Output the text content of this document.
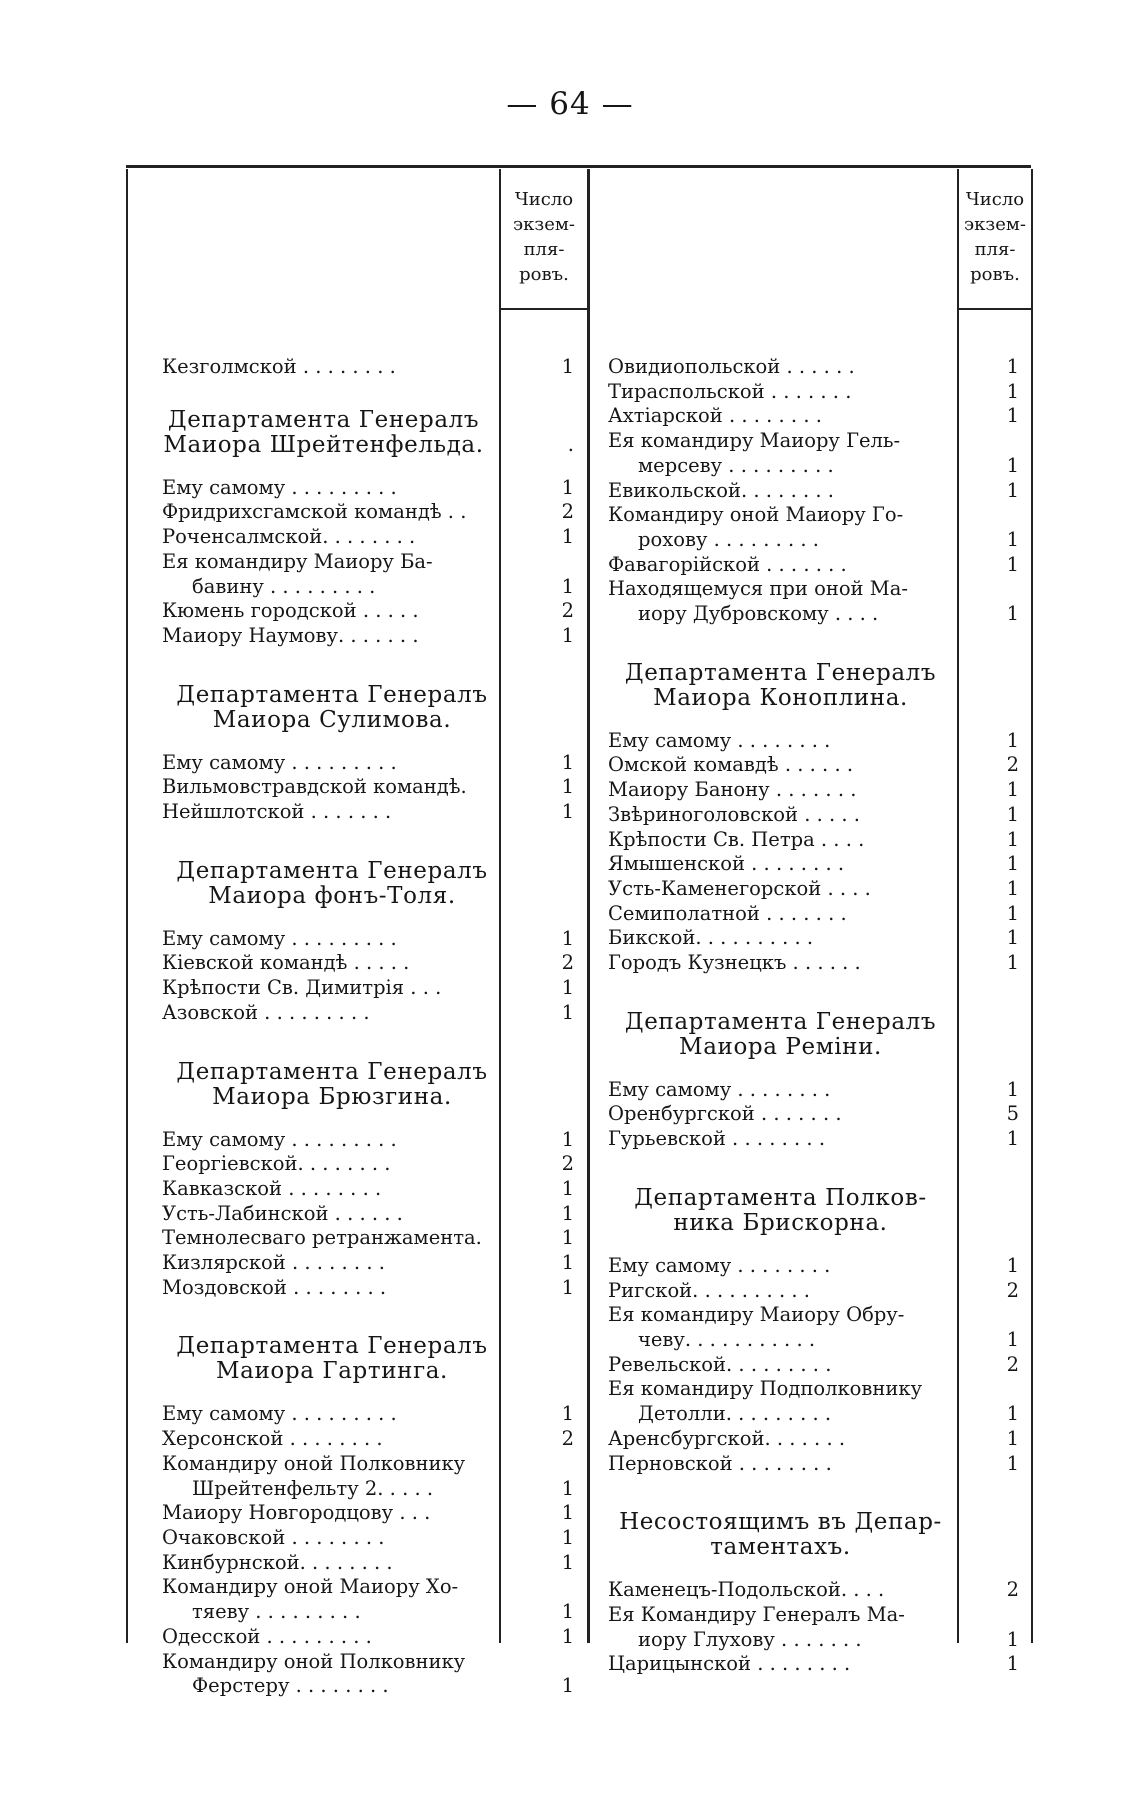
— 64 —
Число
экзем-
пля-
ровъ.
Число
экзем-
пля-
ровъ.
Кезголмской . . . . . . . .	1
Департамента Генералъ
Маиора Шрейтенфельда.	.
Ему самому . . . . . . . . .	1
Фридрихсгамской командѣ . .	2
Роченсалмской. . . . . . . .	1
Ея командиру Маиору Ба-
бавину . . . . . . . . .	1
Кюмень городской . . . . .	2
Маиору Наумову. . . . . . .	1
Департамента Генералъ
Маиора Сулимова.
Ему самому . . . . . . . . .	1
Вильмовстравдской командѣ.	1
Нейшлотской . . . . . . .	1
Департамента Генералъ
Маиора фонъ-Толя.
Ему самому . . . . . . . . .	1
Кіевской командѣ . . . . .	2
Крѣпости Св. Димитрія . . .	1
Азовской . . . . . . . . .	1
Департамента Генералъ
Маиора Брюзгина.
Ему самому . . . . . . . . .	1
Георгіевской. . . . . . . .	2
Кавказской . . . . . . . .	1
Усть-Лабинской . . . . . .	1
Темнолесваго ретранжамента.	1
Кизлярской . . . . . . . .	1
Моздовской . . . . . . . .	1
Департамента Генералъ
Маиора Гартинга.
Ему самому . . . . . . . . .	1
Херсонской . . . . . . . .	2
Командиру оной Полковнику
Шрейтенфельту 2. . . . .	1
Маиору Новгородцову . . .	1
Очаковской . . . . . . . .	1
Кинбурнской. . . . . . . .	1
Командиру оной Маиору Хо-
тяеву . . . . . . . . .	1
Одесской . . . . . . . . .	1
Командиру оной Полковнику
Ферстеру . . . . . . . .	1
Овидиопольской . . . . . .	1
Тираспольской . . . . . . .	1
Ахтіарской . . . . . . . .	1
Ея командиру Маиору Гель-
мерсеву . . . . . . . . .	1
Евикольской. . . . . . . .	1
Командиру оной Маиору Го-
рохову . . . . . . . . .	1
Фавагорійской . . . . . . .	1
Находящемуся при оной Ма-
иору Дубровскому . . . .	1
Департамента Генералъ
Маиора Коноплина.
Ему самому . . . . . . . .	1
Омской комавдѣ . . . . . .	2
Маиору Банону . . . . . . .	1
Звѣриноголовской . . . . .	1
Крѣпости Св. Петра . . . .	1
Ямышенской . . . . . . . .	1
Усть-Каменегорской . . . .	1
Семиполатной . . . . . . .	1
Бикской. . . . . . . . . .	1
Городъ Кузнецкъ . . . . . .	1
Департамента Генералъ
Маиора Реміни.
Ему самому . . . . . . . .	1
Оренбургской . . . . . . .	5
Гурьевской . . . . . . . .	1
Департамента Полков-
ника Брискорна.
Ему самому . . . . . . . .	1
Ригской. . . . . . . . . .	2
Ея командиру Маиору Обру-
чеву. . . . . . . . . . .	1
Ревельской. . . . . . . . .	2
Ея командиру Подполковнику
Детолли. . . . . . . . .	1
Аренсбургской. . . . . . .	1
Перновской . . . . . . . .	1
Несостоящимъ въ Депар-
таментахъ.
Каменецъ-Подольской. . . .	2
Ея Командиру Генералъ Ма-
иору Глухову . . . . . . .	1
Царицынской . . . . . . . .	1
